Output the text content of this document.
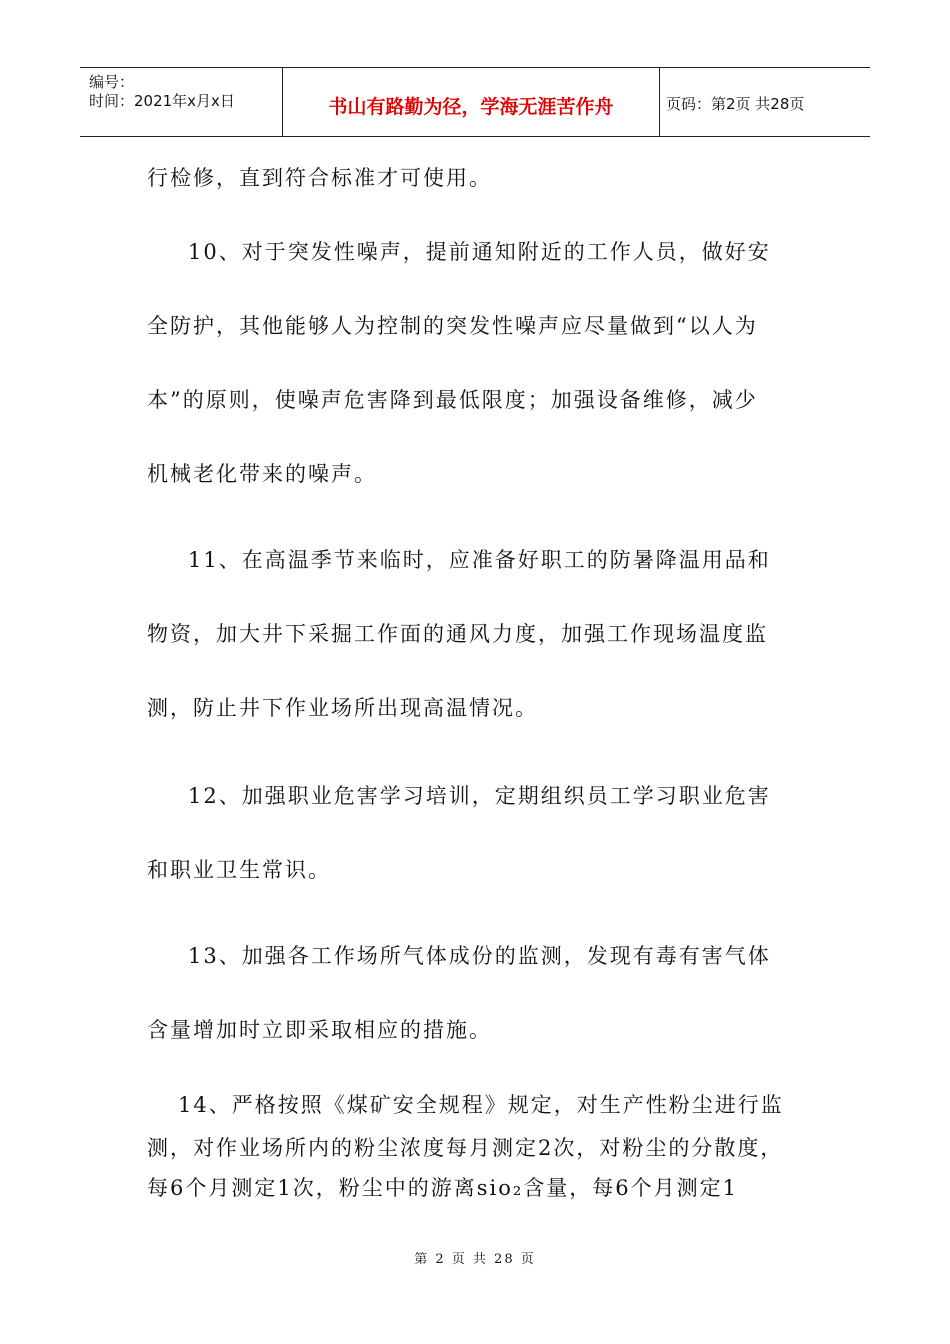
编号：
时间：2021年x月x日	书山有路勤为径，学海无涯苦作舟	页码：第2页 共28页
行检修，直到符合标准才可使用。
10、对于突发性噪声，提前通知附近的工作人员，做好安
全防护，其他能够人为控制的突发性噪声应尽量做到“以人为
本”的原则，使噪声危害降到最低限度；加强设备维修，减少
机械老化带来的噪声。
11、在高温季节来临时，应准备好职工的防暑降温用品和
物资，加大井下采掘工作面的通风力度，加强工作现场温度监
测，防止井下作业场所出现高温情况。
12、加强职业危害学习培训，定期组织员工学习职业危害
和职业卫生常识。
13、加强各工作场所气体成份的监测，发现有毒有害气体
含量增加时立即采取相应的措施。
14、严格按照《煤矿安全规程》规定，对生产性粉尘进行监
测，对作业场所内的粉尘浓度每月测定2次，对粉尘的分散度，
每6个月测定1次，粉尘中的游离sio₂含量，每6个月测定1
第 2 页 共 28 页
